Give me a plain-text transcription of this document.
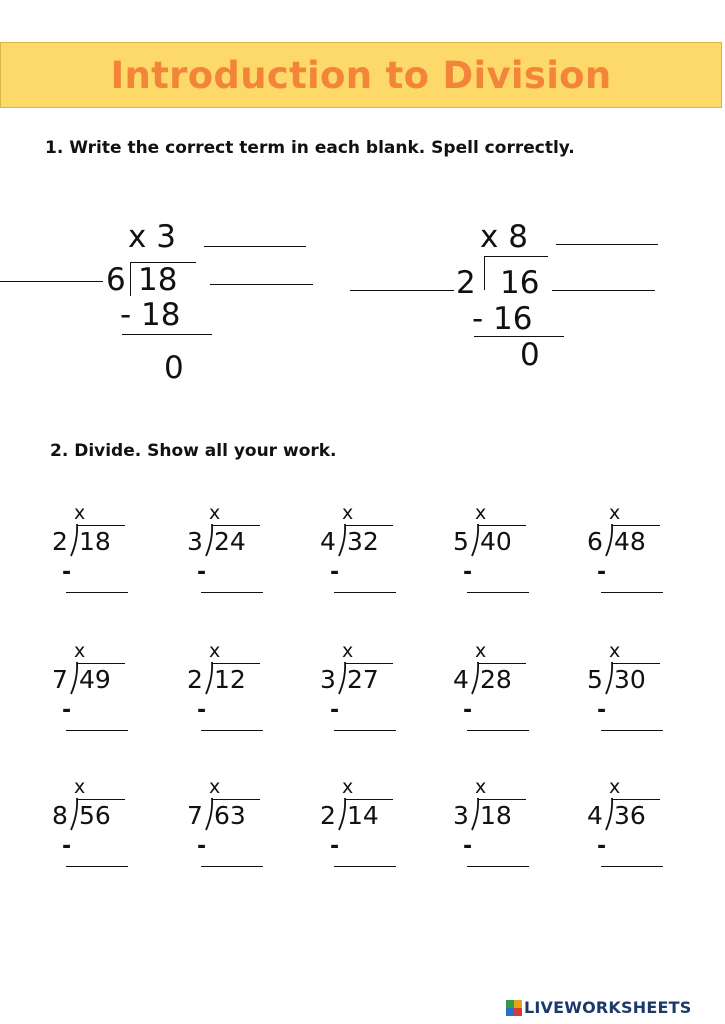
Introduction to Division
1. Write the correct term in each blank. Spell correctly.
x 3
6 18
- 18
0
x 8
2 16
- 16
0
2. Divide. Show all your work.
x
2 18
-
x
3 24
-
x
4 32
-
x
5 40
-
x
6 48
-
x
7 49
-
x
2 12
-
x
3 27
-
x
4 28
-
x
5 30
-
x
8 56
-
x
7 63
-
x
2 14
-
x
3 18
-
x
4 36
-
LIVEWORKSHEETS
